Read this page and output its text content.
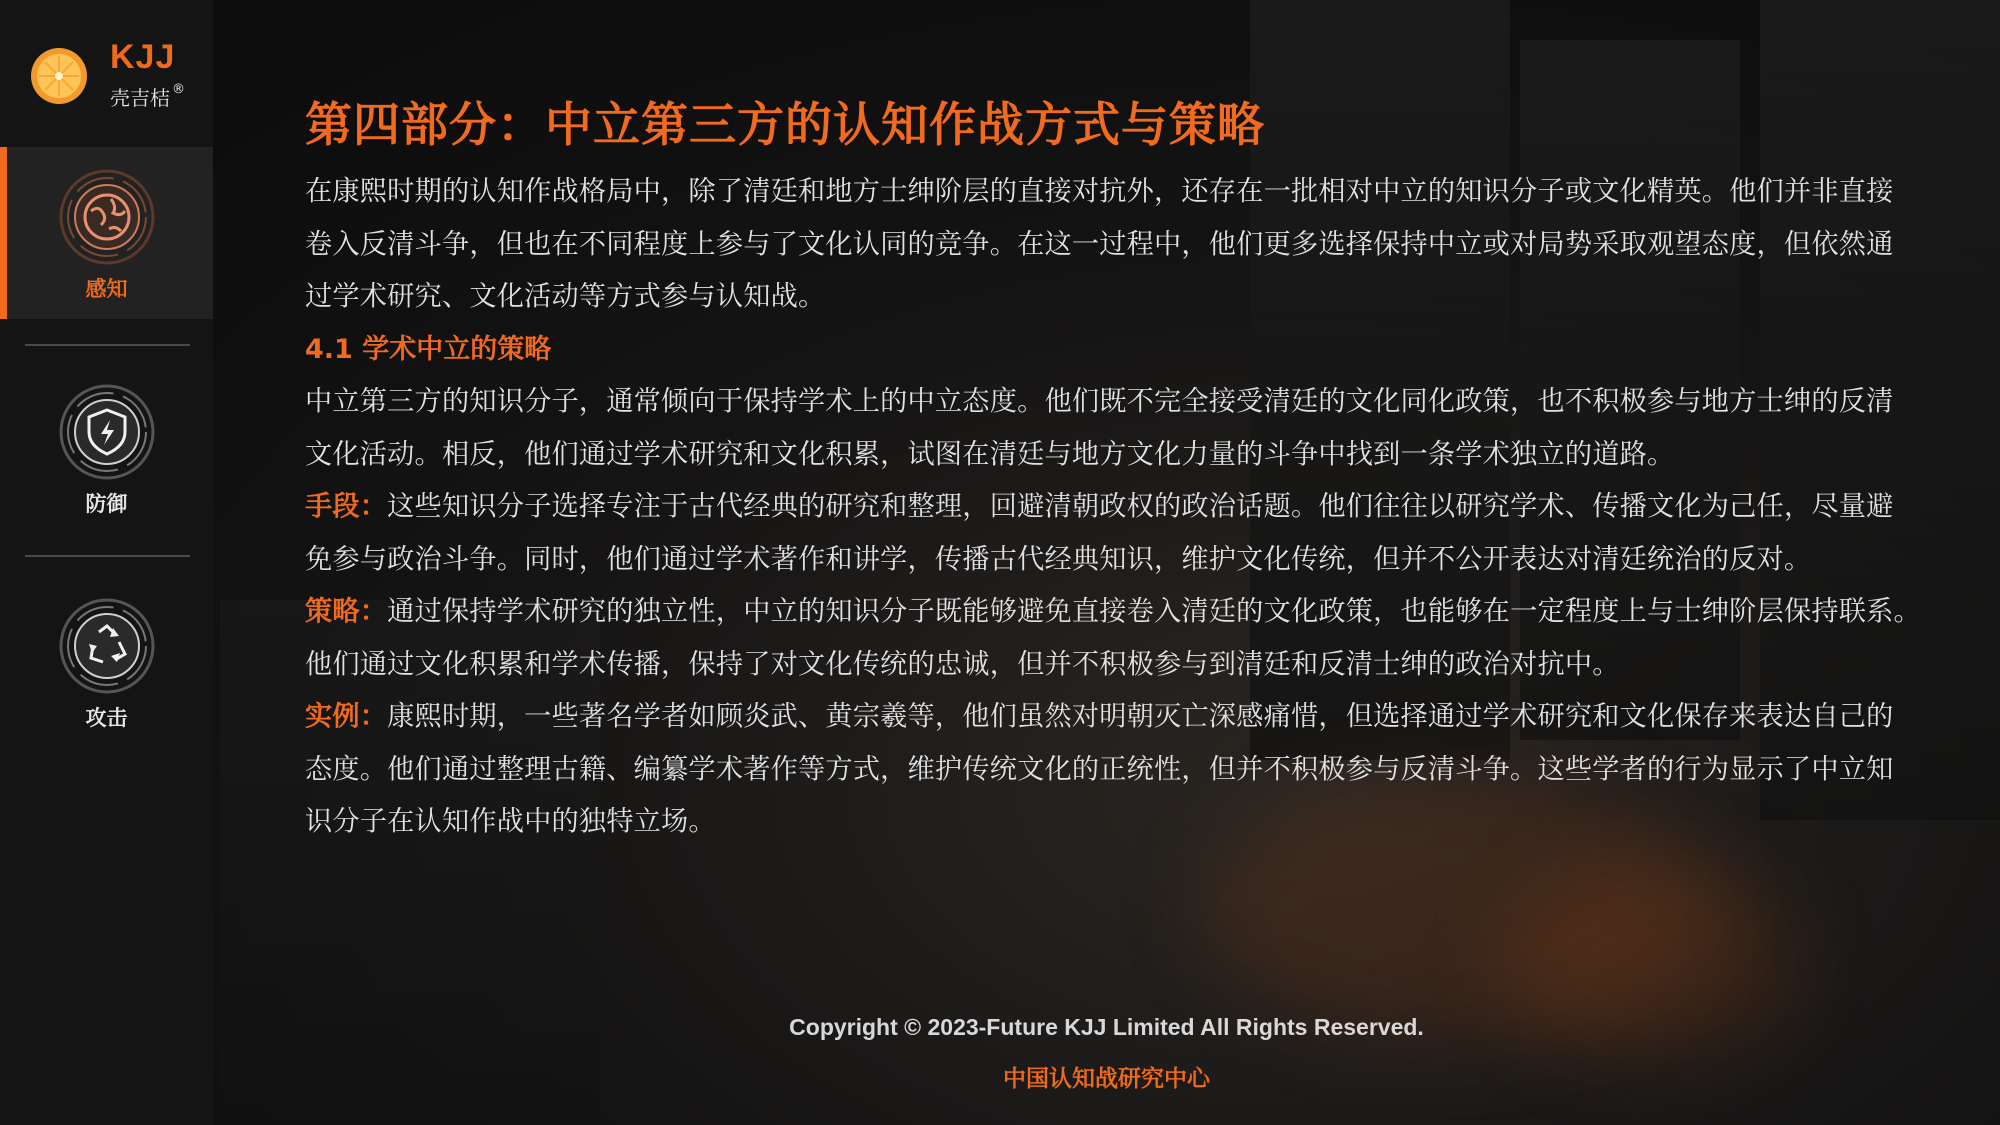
KJJ
壳吉桔 ®
感知
防御
攻击
第四部分：中立第三方的认知作战方式与策略
在康熙时期的认知作战格局中，除了清廷和地方士绅阶层的直接对抗外，还存在一批相对中立的知识分子或文化精英。他们并非直接
卷入反清斗争，但也在不同程度上参与了文化认同的竞争。在这一过程中，他们更多选择保持中立或对局势采取观望态度，但依然通
过学术研究、文化活动等方式参与认知战。
4.1 学术中立的策略
中立第三方的知识分子，通常倾向于保持学术上的中立态度。他们既不完全接受清廷的文化同化政策，也不积极参与地方士绅的反清
文化活动。相反，他们通过学术研究和文化积累，试图在清廷与地方文化力量的斗争中找到一条学术独立的道路。
手段：这些知识分子选择专注于古代经典的研究和整理，回避清朝政权的政治话题。他们往往以研究学术、传播文化为己任，尽量避
免参与政治斗争。同时，他们通过学术著作和讲学，传播古代经典知识，维护文化传统，但并不公开表达对清廷统治的反对。
策略：通过保持学术研究的独立性，中立的知识分子既能够避免直接卷入清廷的文化政策，也能够在一定程度上与士绅阶层保持联系。
他们通过文化积累和学术传播，保持了对文化传统的忠诚，但并不积极参与到清廷和反清士绅的政治对抗中。
实例：康熙时期，一些著名学者如顾炎武、黄宗羲等，他们虽然对明朝灭亡深感痛惜，但选择通过学术研究和文化保存来表达自己的
态度。他们通过整理古籍、编纂学术著作等方式，维护传统文化的正统性，但并不积极参与反清斗争。这些学者的行为显示了中立知
识分子在认知作战中的独特立场。
Copyright © 2023-Future KJJ Limited All Rights Reserved.
中国认知战研究中心
